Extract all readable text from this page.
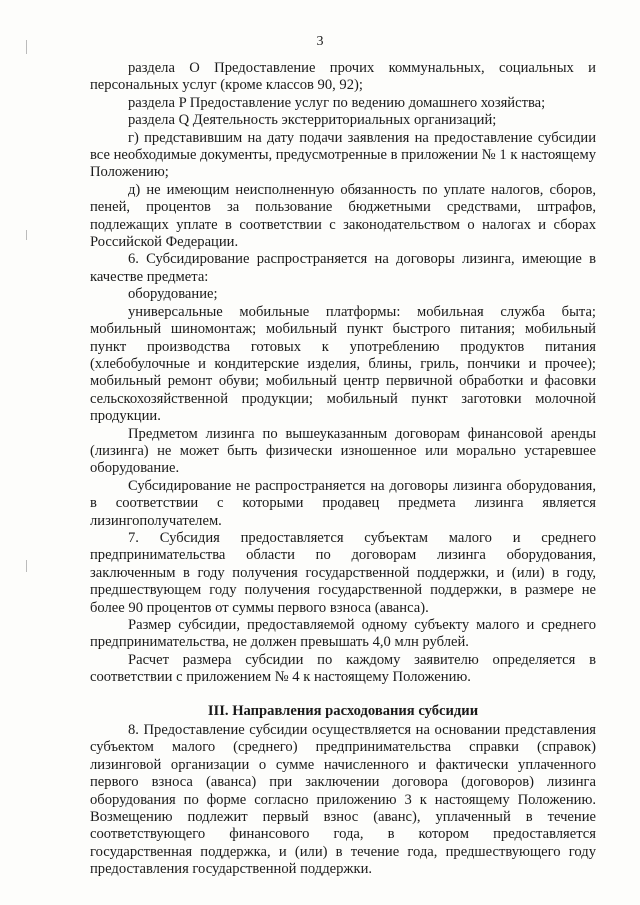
3

раздела O Предоставление прочих коммунальных, социальных и персональных услуг (кроме классов 90, 92);

раздела P Предоставление услуг по ведению домашнего хозяйства;

раздела Q Деятельность экстерриториальных организаций;

г) представившим на дату подачи заявления на предоставление субсидии все необходимые документы, предусмотренные в приложении № 1 к настоящему Положению;

д) не имеющим неисполненную обязанность по уплате налогов, сборов, пеней, процентов за пользование бюджетными средствами, штрафов, подлежащих уплате в соответствии с законодательством о налогах и сборах Российской Федерации.

6. Субсидирование распространяется на договоры лизинга, имеющие в качестве предмета:

оборудование;

универсальные мобильные платформы: мобильная служба быта; мобильный шиномонтаж; мобильный пункт быстрого питания; мобильный пункт производства готовых к употреблению продуктов питания (хлебобулочные и кондитерские изделия, блины, гриль, пончики и прочее); мобильный ремонт обуви; мобильный центр первичной обработки и фасовки сельскохозяйственной продукции; мобильный пункт заготовки молочной продукции.

Предметом лизинга по вышеуказанным договорам финансовой аренды (лизинга) не может быть физически изношенное или морально устаревшее оборудование.

Субсидирование не распространяется на договоры лизинга оборудования, в соответствии с которыми продавец предмета лизинга является лизингополучателем.

7. Субсидия предоставляется субъектам малого и среднего предпринимательства области по договорам лизинга оборудования, заключенным в году получения государственной поддержки, и (или) в году, предшествующем году получения государственной поддержки, в размере не более 90 процентов от суммы первого взноса (аванса).

Размер субсидии, предоставляемой одному субъекту малого и среднего предпринимательства, не должен превышать 4,0 млн рублей.

Расчет размера субсидии по каждому заявителю определяется в соответствии с приложением № 4 к настоящему Положению.

III. Направления расходования субсидии

8. Предоставление субсидии осуществляется на основании представления субъектом малого (среднего) предпринимательства справки (справок) лизинговой организации о сумме начисленного и фактически уплаченного первого взноса (аванса) при заключении договора (договоров) лизинга оборудования по форме согласно приложению 3 к настоящему Положению. Возмещению подлежит первый взнос (аванс), уплаченный в течение соответствующего финансового года, в котором предоставляется государственная поддержка, и (или) в течение года, предшествующего году предоставления государственной поддержки.
